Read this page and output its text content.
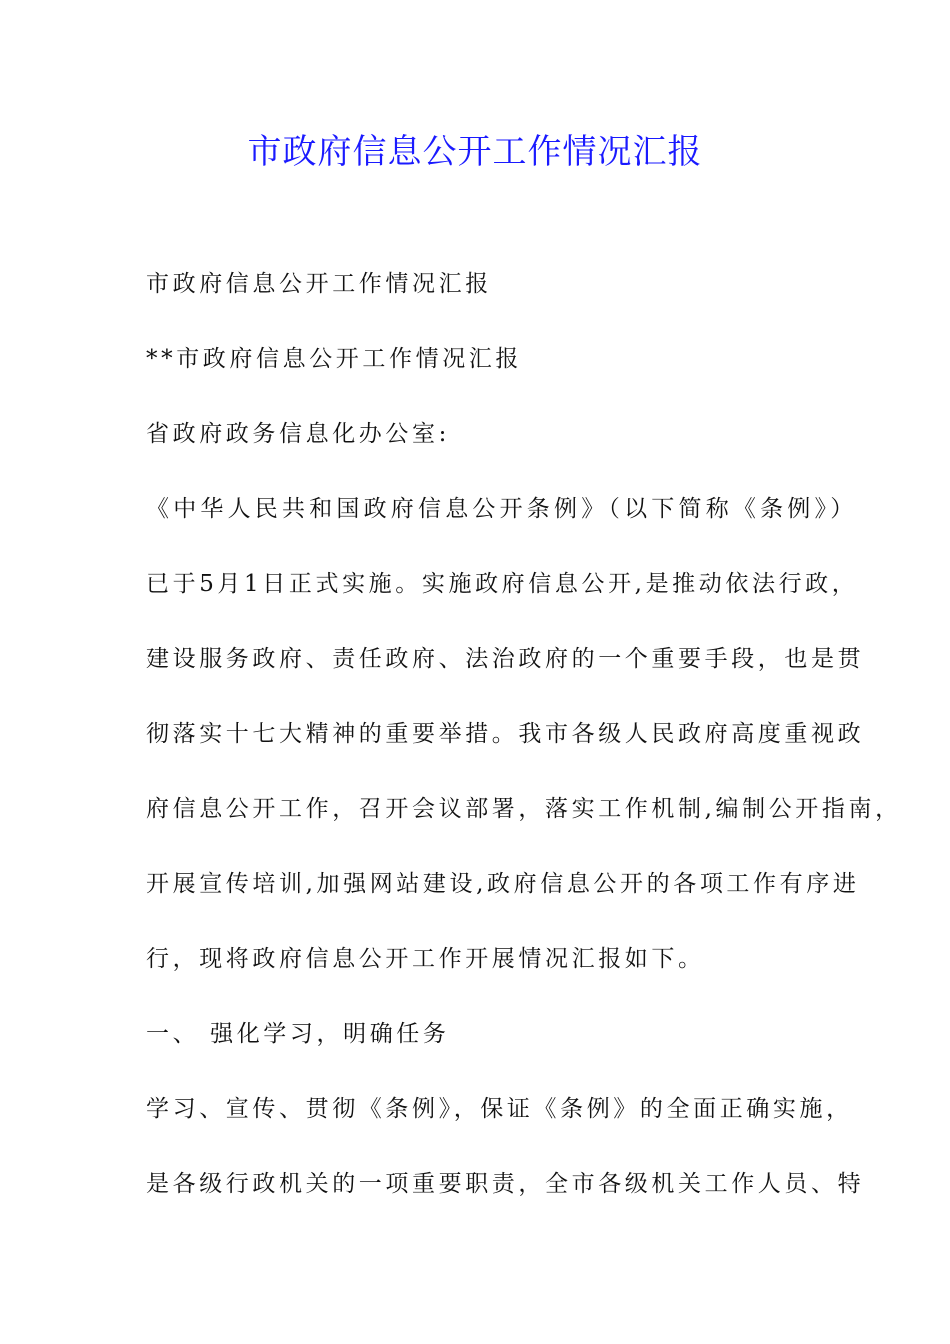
市政府信息公开工作情况汇报

市政府信息公开工作情况汇报

**市政府信息公开工作情况汇报

省政府政务信息化办公室:

《中华人民共和国政府信息公开条例》（以下简称《条例》）

已于5月1日正式实施。实施政府信息公开,是推动依法行政，

建设服务政府、责任政府、法治政府的一个重要手段，也是贯

彻落实十七大精神的重要举措。我市各级人民政府高度重视政

府信息公开工作，召开会议部署，落实工作机制,编制公开指南，

开展宣传培训,加强网站建设,政府信息公开的各项工作有序进

行，现将政府信息公开工作开展情况汇报如下。

一、 强化学习，明确任务

学习、宣传、贯彻《条例》，保证《条例》的全面正确实施，

是各级行政机关的一项重要职责，全市各级机关工作人员、特
